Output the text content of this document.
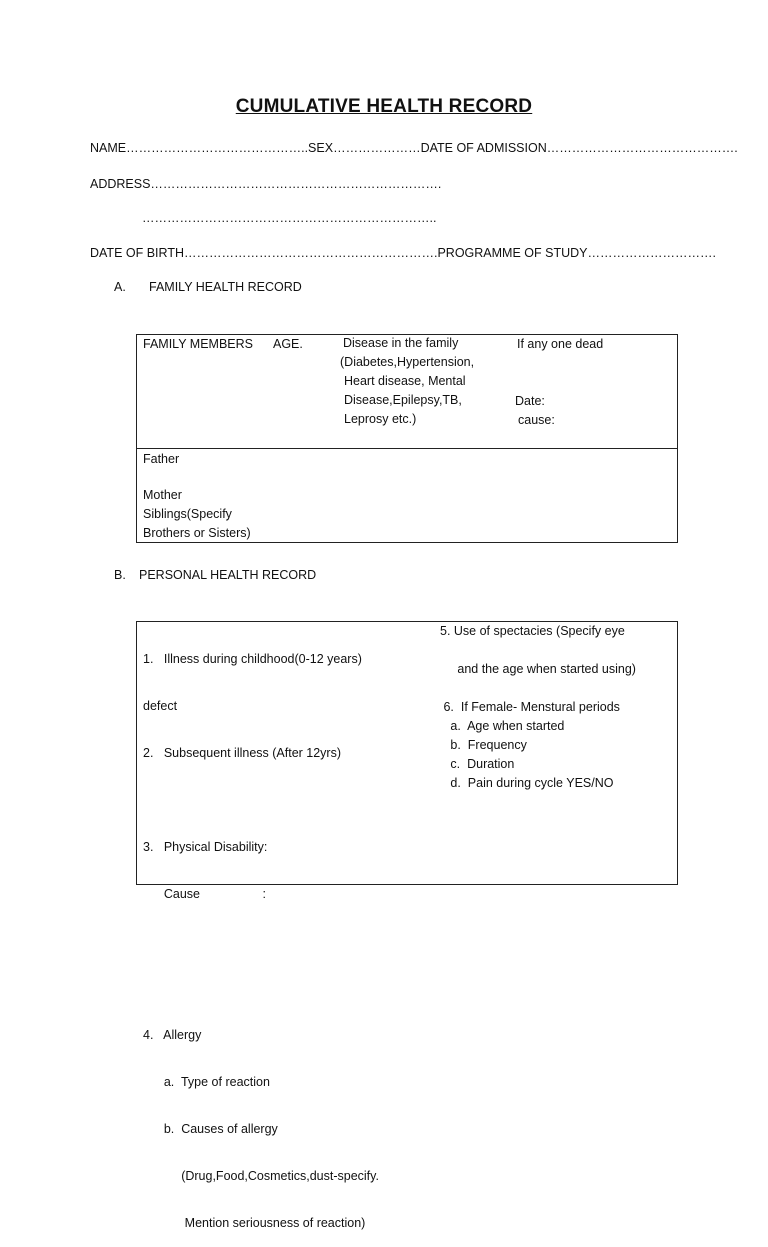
CUMULATIVE HEALTH RECORD
NAME……………………………………..SEX…………………DATE OF ADMISSION……………………………………….
ADDRESS…………………………………………………………….
……………………………………………………………..
DATE OF BIRTH…………………………………………………….PROGRAMME OF STUDY………………………….
A. FAMILY HEALTH RECORD
FAMILY MEMBERS AGE.	Disease in the family
(Diabetes,Hypertension,
Heart disease, Mental
Disease,Epilepsy,TB,
Leprosy etc.)
If any one dead
Date:
cause:
Father
Mother
Siblings(Specify
Brothers or Sisters)
B. PERSONAL HEALTH RECORD

1.   Illness during childhood(0-12 years)

defect

2.   Subsequent illness (After 12yrs)

3.   Physical Disability:

Cause                  :

4.   Allergy

a.  Type of reaction

b.  Causes of allergy

(Drug,Food,Cosmetics,dust-specify.

Mention seriousness of reaction)

5. Use of spectacies (Specify eye
and the age when started using)
6.  If Female- Menstural periods
a.  Age when started
b.  Frequency
c.  Duration
d.  Pain during cycle YES/NO
